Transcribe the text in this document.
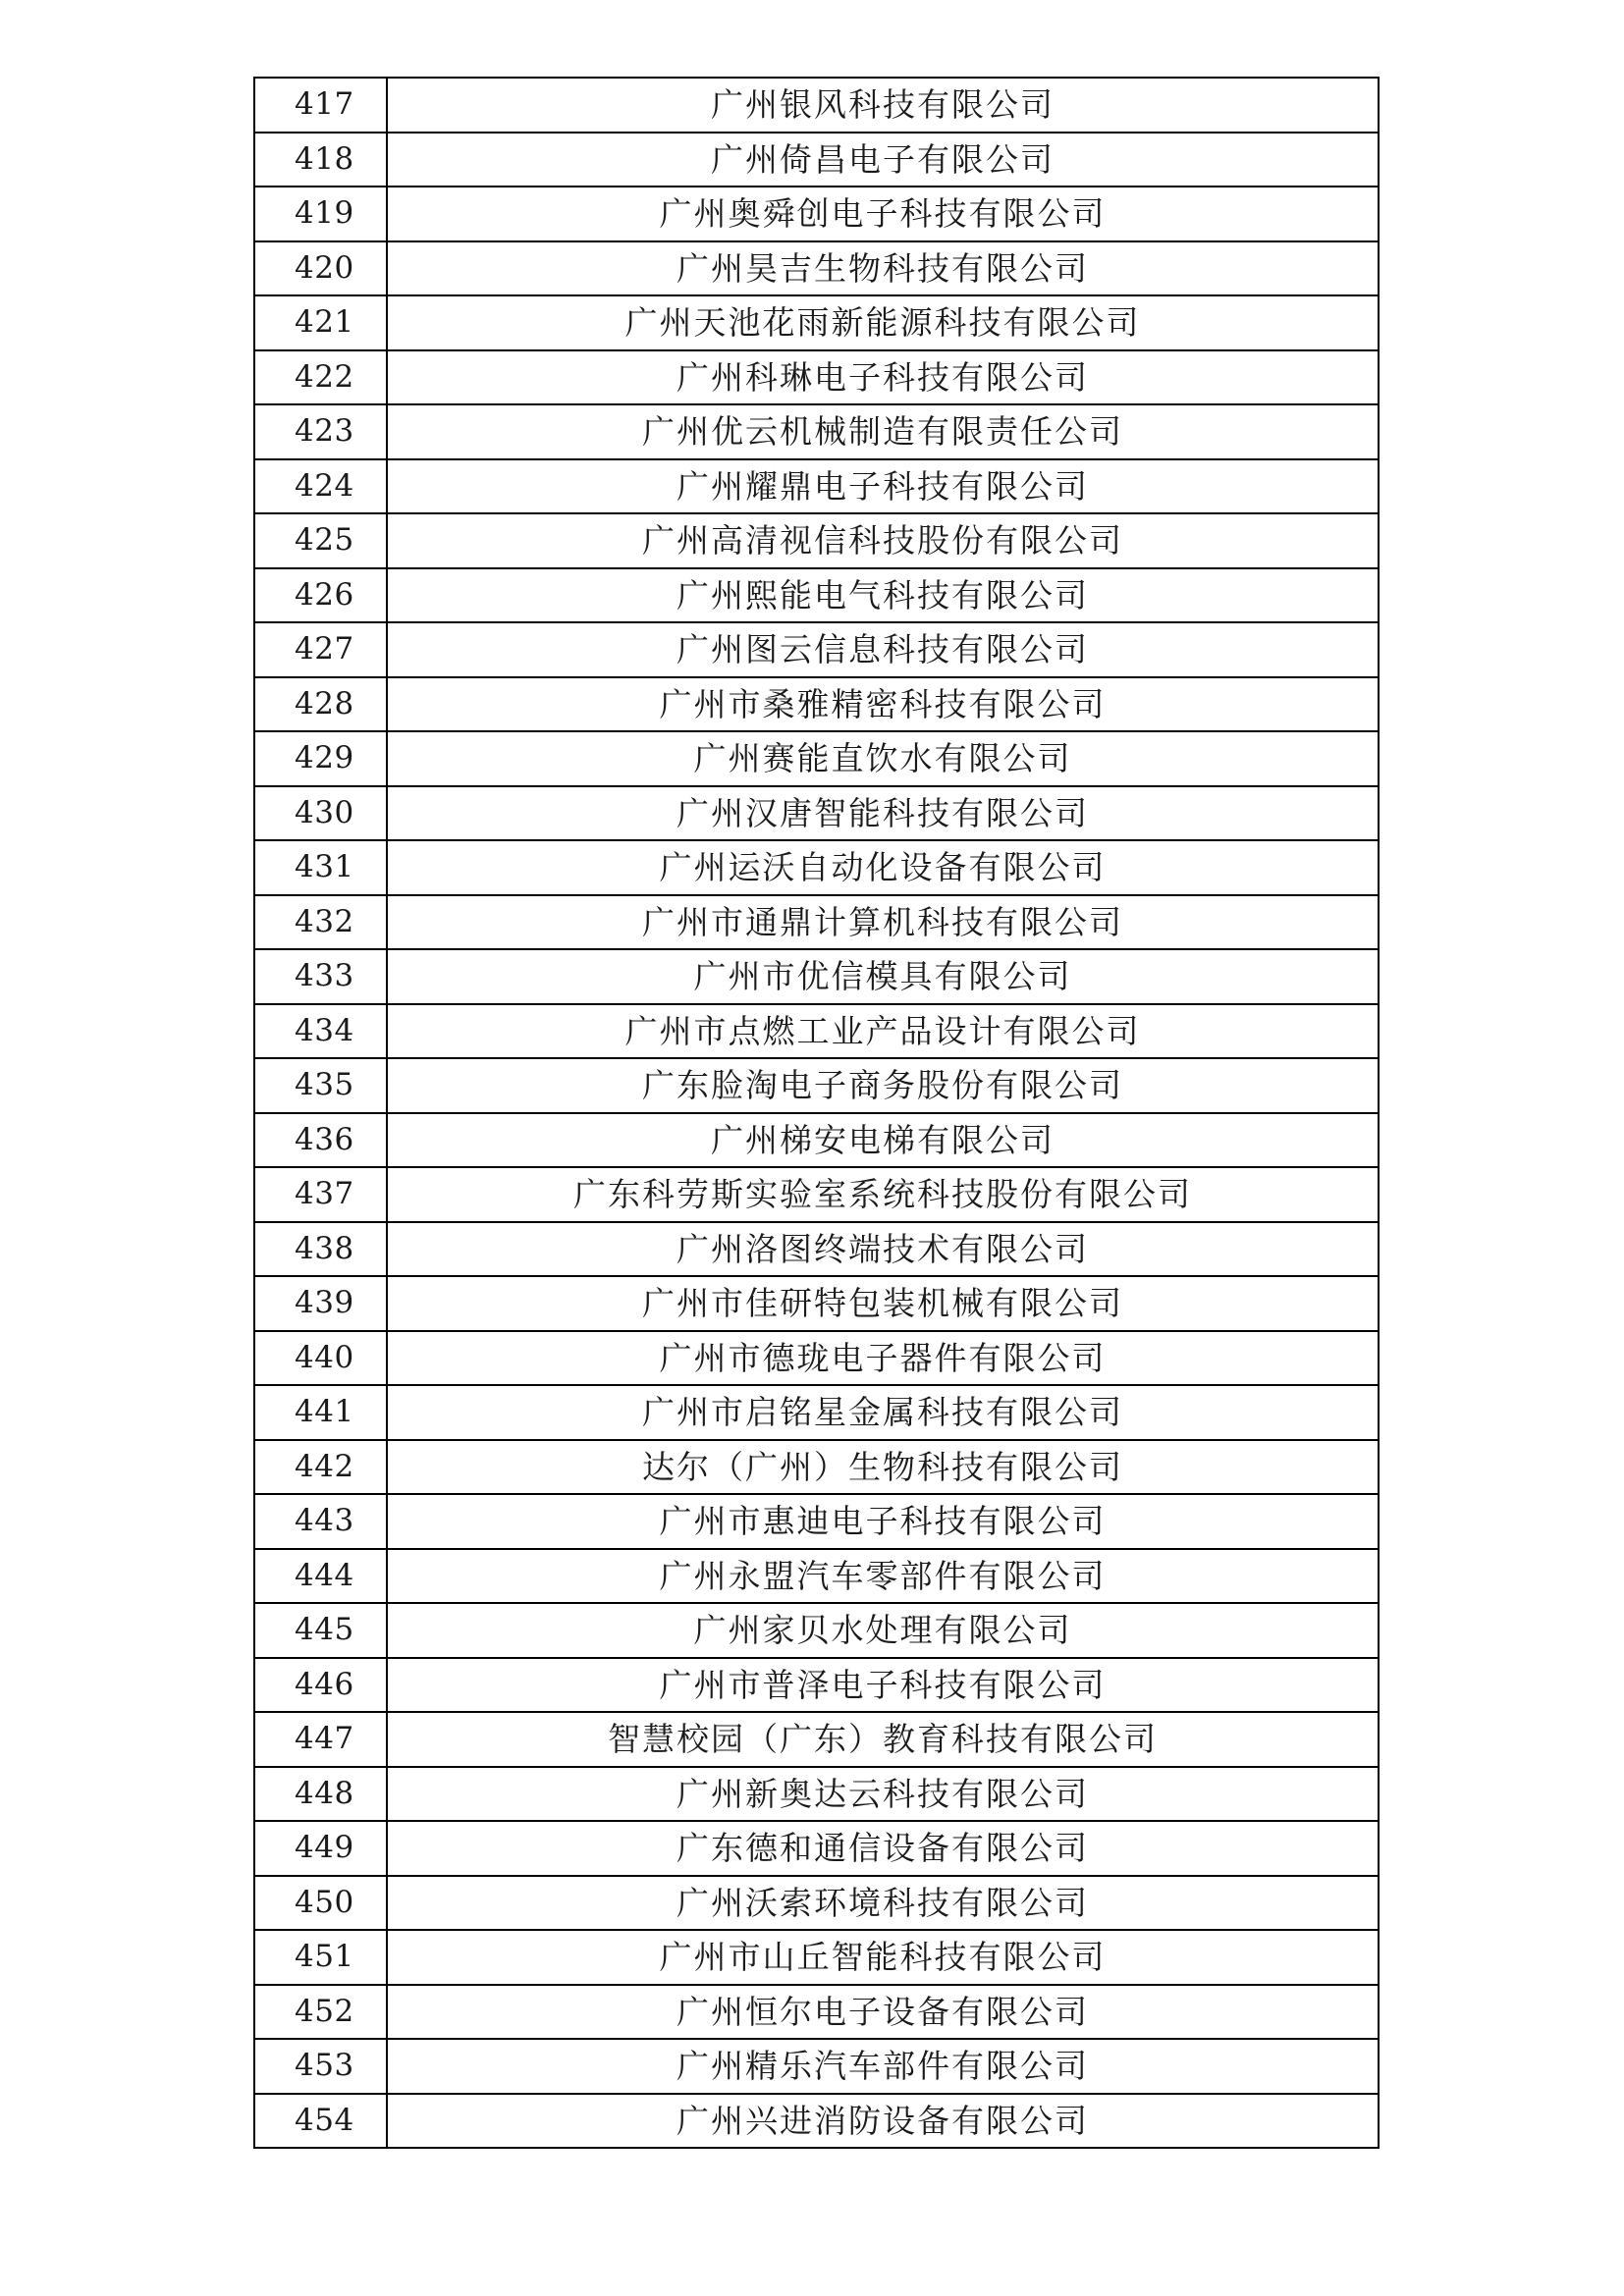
417	广州银风科技有限公司
418	广州倚昌电子有限公司
419	广州奥舜创电子科技有限公司
420	广州昊吉生物科技有限公司
421	广州天池花雨新能源科技有限公司
422	广州科琳电子科技有限公司
423	广州优云机械制造有限责任公司
424	广州耀鼎电子科技有限公司
425	广州高清视信科技股份有限公司
426	广州熙能电气科技有限公司
427	广州图云信息科技有限公司
428	广州市桑雅精密科技有限公司
429	广州赛能直饮水有限公司
430	广州汉唐智能科技有限公司
431	广州运沃自动化设备有限公司
432	广州市通鼎计算机科技有限公司
433	广州市优信模具有限公司
434	广州市点燃工业产品设计有限公司
435	广东脸淘电子商务股份有限公司
436	广州梯安电梯有限公司
437	广东科劳斯实验室系统科技股份有限公司
438	广州洛图终端技术有限公司
439	广州市佳研特包装机械有限公司
440	广州市德珑电子器件有限公司
441	广州市启铭星金属科技有限公司
442	达尔（广州）生物科技有限公司
443	广州市惠迪电子科技有限公司
444	广州永盟汽车零部件有限公司
445	广州家贝水处理有限公司
446	广州市普泽电子科技有限公司
447	智慧校园（广东）教育科技有限公司
448	广州新奥达云科技有限公司
449	广东德和通信设备有限公司
450	广州沃索环境科技有限公司
451	广州市山丘智能科技有限公司
452	广州恒尔电子设备有限公司
453	广州精乐汽车部件有限公司
454	广州兴进消防设备有限公司
